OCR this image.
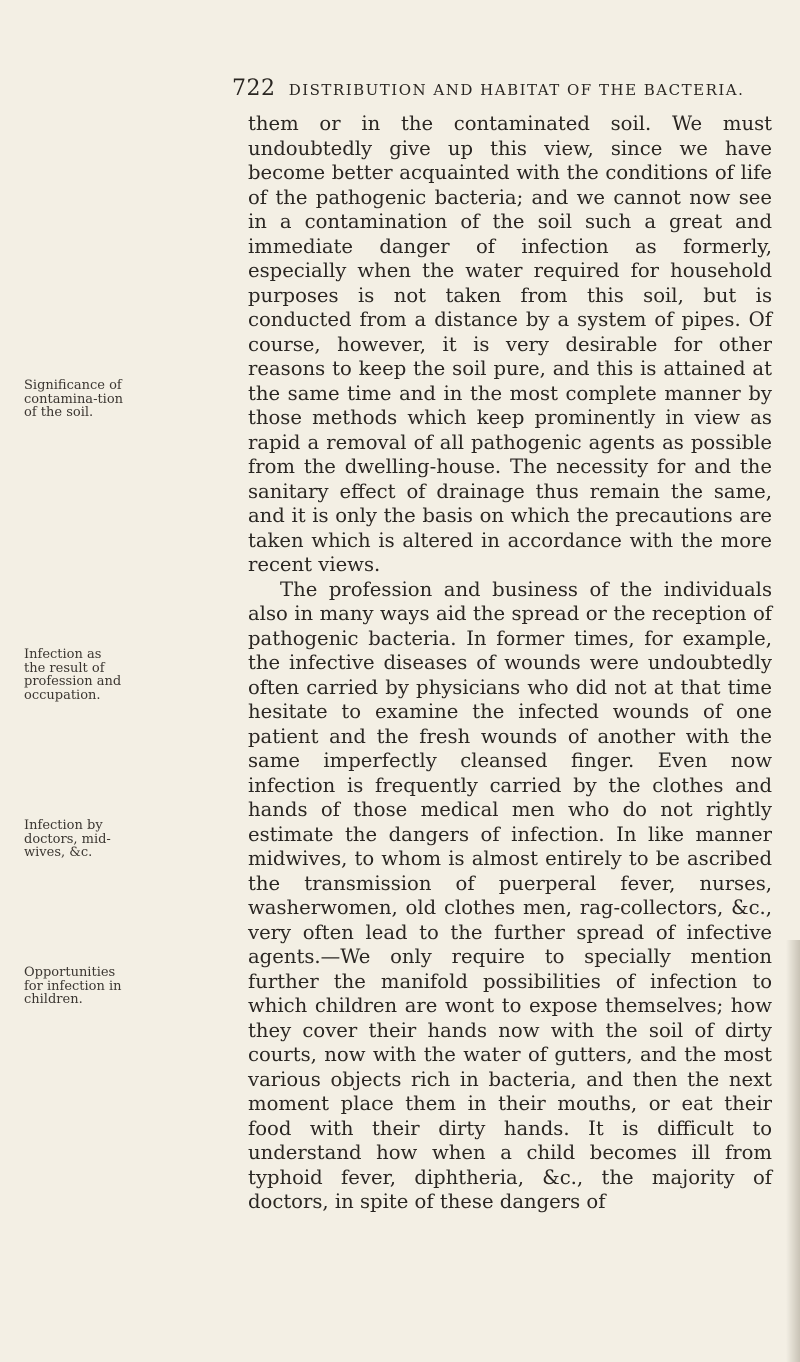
722 DISTRIBUTION AND HABITAT OF THE BACTERIA.
Significance of contamina-tion of the soil.
Infection as the result of profession and occupation.
Infection by doctors, mid-wives, &c.
Opportunities for infection in children.

them or in the contaminated soil. We must undoubtedly give up this view, since we have become better acquainted with the conditions of life of the pathogenic bacteria; and we cannot now see in a contamination of the soil such a great and immediate danger of infection as formerly, especially when the water required for household purposes is not taken from this soil, but is conducted from a distance by a system of pipes. Of course, however, it is very desirable for other reasons to keep the soil pure, and this is attained at the same time and in the most complete manner by those methods which keep prominently in view as rapid a removal of all pathogenic agents as possible from the dwelling-house. The necessity for and the sanitary effect of drainage thus remain the same, and it is only the basis on which the precautions are taken which is altered in accordance with the more recent views.

The profession and business of the individuals also in many ways aid the spread or the reception of pathogenic bacteria. In former times, for example, the infective diseases of wounds were undoubtedly often carried by physicians who did not at that time hesitate to examine the infected wounds of one patient and the fresh wounds of another with the same imperfectly cleansed finger. Even now infection is frequently carried by the clothes and hands of those medical men who do not rightly estimate the dangers of infection. In like manner midwives, to whom is almost entirely to be ascribed the transmission of puerperal fever, nurses, washerwomen, old clothes men, rag-collectors, &c., very often lead to the further spread of infective agents.—We only require to specially mention further the manifold possibilities of infection to which children are wont to expose themselves; how they cover their hands now with the soil of dirty courts, now with the water of gutters, and the most various objects rich in bacteria, and then the next moment place them in their mouths, or eat their food with their dirty hands. It is difficult to understand how when a child becomes ill from typhoid fever, diphtheria, &c., the majority of doctors, in spite of these dangers of
